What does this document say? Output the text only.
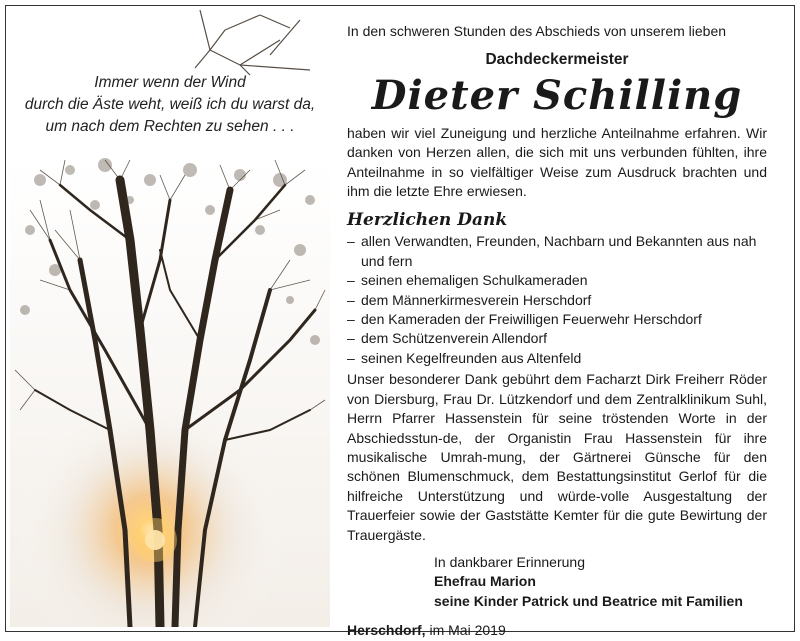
Immer wenn der Wind
durch die Äste weht, weiß ich du warst da,
um nach dem Rechten zu sehen . . .
In den schweren Stunden des Abschieds von unserem lieben
Dachdeckermeister
Dieter Schilling
haben wir viel Zuneigung und herzliche Anteilnahme erfahren. Wir danken von Herzen allen, die sich mit uns verbunden fühlten, ihre Anteilnahme in so vielfältiger Weise zum Ausdruck brachten und ihm die letzte Ehre erwiesen.
Herzlichen Dank
– allen Verwandten, Freunden, Nachbarn und Bekannten aus nah und fern
– seinen ehemaligen Schulkameraden
– dem Männerkirmesverein Herschdorf
– den Kameraden der Freiwilligen Feuerwehr Herschdorf
– dem Schützenverein Allendorf
– seinen Kegelfreunden aus Altenfeld
Unser besonderer Dank gebührt dem Facharzt Dirk Freiherr Röder von Diersburg, Frau Dr. Lützkendorf und dem Zentralklinikum Suhl, Herrn Pfarrer Hassenstein für seine tröstenden Worte in der Abschiedsstun-de, der Organistin Frau Hassenstein für ihre musikalische Umrah-mung, der Gärtnerei Günsche für den schönen Blumenschmuck, dem Bestattungsinstitut Gerlof für die hilfreiche Unterstützung und würde-volle Ausgestaltung der Trauerfeier sowie der Gaststätte Kemter für die gute Bewirtung der Trauergäste.
In dankbarer Erinnerung
Ehefrau Marion
seine Kinder Patrick und Beatrice mit Familien
Herschdorf, im Mai 2019
